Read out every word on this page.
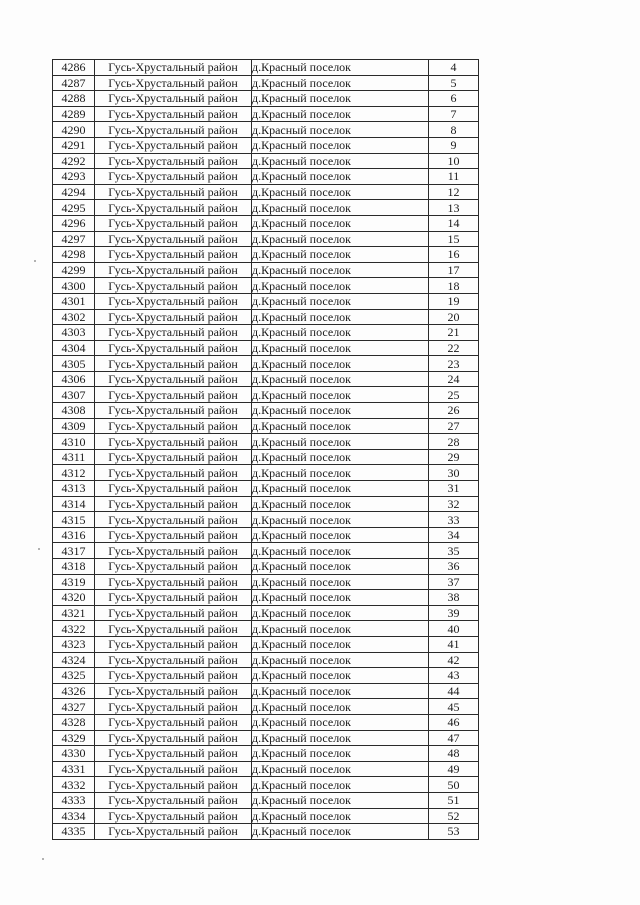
4286	Гусь-Хрустальный район	д.Красный поселок	4
4287	Гусь-Хрустальный район	д.Красный поселок	5
4288	Гусь-Хрустальный район	д.Красный поселок	6
4289	Гусь-Хрустальный район	д.Красный поселок	7
4290	Гусь-Хрустальный район	д.Красный поселок	8
4291	Гусь-Хрустальный район	д.Красный поселок	9
4292	Гусь-Хрустальный район	д.Красный поселок	10
4293	Гусь-Хрустальный район	д.Красный поселок	11
4294	Гусь-Хрустальный район	д.Красный поселок	12
4295	Гусь-Хрустальный район	д.Красный поселок	13
4296	Гусь-Хрустальный район	д.Красный поселок	14
4297	Гусь-Хрустальный район	д.Красный поселок	15
4298	Гусь-Хрустальный район	д.Красный поселок	16
4299	Гусь-Хрустальный район	д.Красный поселок	17
4300	Гусь-Хрустальный район	д.Красный поселок	18
4301	Гусь-Хрустальный район	д.Красный поселок	19
4302	Гусь-Хрустальный район	д.Красный поселок	20
4303	Гусь-Хрустальный район	д.Красный поселок	21
4304	Гусь-Хрустальный район	д.Красный поселок	22
4305	Гусь-Хрустальный район	д.Красный поселок	23
4306	Гусь-Хрустальный район	д.Красный поселок	24
4307	Гусь-Хрустальный район	д.Красный поселок	25
4308	Гусь-Хрустальный район	д.Красный поселок	26
4309	Гусь-Хрустальный район	д.Красный поселок	27
4310	Гусь-Хрустальный район	д.Красный поселок	28
4311	Гусь-Хрустальный район	д.Красный поселок	29
4312	Гусь-Хрустальный район	д.Красный поселок	30
4313	Гусь-Хрустальный район	д.Красный поселок	31
4314	Гусь-Хрустальный район	д.Красный поселок	32
4315	Гусь-Хрустальный район	д.Красный поселок	33
4316	Гусь-Хрустальный район	д.Красный поселок	34
4317	Гусь-Хрустальный район	д.Красный поселок	35
4318	Гусь-Хрустальный район	д.Красный поселок	36
4319	Гусь-Хрустальный район	д.Красный поселок	37
4320	Гусь-Хрустальный район	д.Красный поселок	38
4321	Гусь-Хрустальный район	д.Красный поселок	39
4322	Гусь-Хрустальный район	д.Красный поселок	40
4323	Гусь-Хрустальный район	д.Красный поселок	41
4324	Гусь-Хрустальный район	д.Красный поселок	42
4325	Гусь-Хрустальный район	д.Красный поселок	43
4326	Гусь-Хрустальный район	д.Красный поселок	44
4327	Гусь-Хрустальный район	д.Красный поселок	45
4328	Гусь-Хрустальный район	д.Красный поселок	46
4329	Гусь-Хрустальный район	д.Красный поселок	47
4330	Гусь-Хрустальный район	д.Красный поселок	48
4331	Гусь-Хрустальный район	д.Красный поселок	49
4332	Гусь-Хрустальный район	д.Красный поселок	50
4333	Гусь-Хрустальный район	д.Красный поселок	51
4334	Гусь-Хрустальный район	д.Красный поселок	52
4335	Гусь-Хрустальный район	д.Красный поселок	53
